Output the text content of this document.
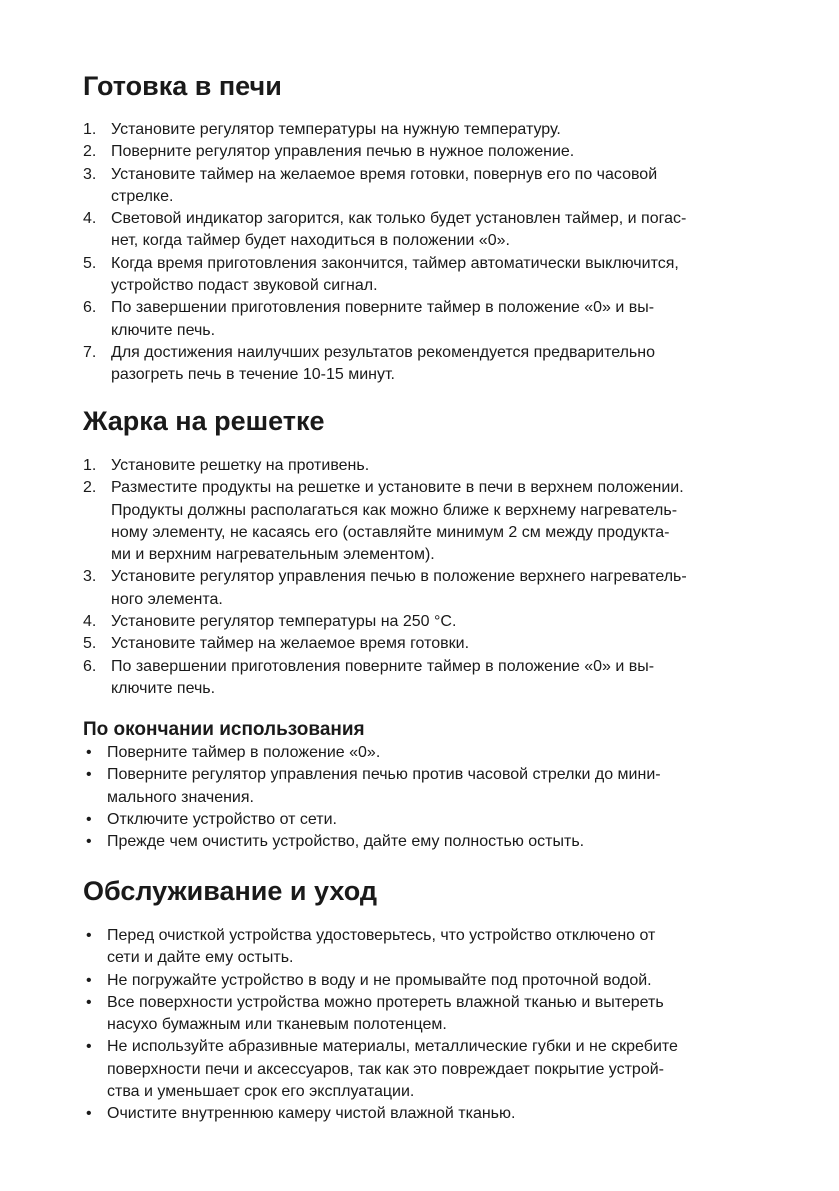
Готовка в печи
1. Установите регулятор температуры на нужную температуру.
2. Поверните регулятор управления печью в нужное положение.
3. Установите таймер на желаемое время готовки, повернув его по часовой
стрелке.
4. Световой индикатор загорится, как только будет установлен таймер, и погас-
нет, когда таймер будет находиться в положении «0».
5. Когда время приготовления закончится, таймер автоматически выключится,
устройство подаст звуковой сигнал.
6. По завершении приготовления поверните таймер в положение «0» и вы-
ключите печь.
7. Для достижения наилучших результатов рекомендуется предварительно
разогреть печь в течение 10-15 минут.
Жарка на решетке
1. Установите решетку на противень.
2. Разместите продукты на решетке и установите в печи в верхнем положении.
Продукты должны располагаться как можно ближе к верхнему нагреватель-
ному элементу, не касаясь его (оставляйте минимум 2 см между продукта-
ми и верхним нагревательным элементом).
3. Установите регулятор управления печью в положение верхнего нагреватель-
ного элемента.
4. Установите регулятор температуры на 250 °С.
5. Установите таймер на желаемое время готовки.
6. По завершении приготовления поверните таймер в положение «0» и вы-
ключите печь.
По окончании использования
• Поверните таймер в положение «0».
• Поверните регулятор управления печью против часовой стрелки до мини-
мального значения.
• Отключите устройство от сети.
• Прежде чем очистить устройство, дайте ему полностью остыть.
Обслуживание и уход
• Перед очисткой устройства удостоверьтесь, что устройство отключено от
сети и дайте ему остыть.
• Не погружайте устройство в воду и не промывайте под проточной водой.
• Все поверхности устройства можно протереть влажной тканью и вытереть
насухо бумажным или тканевым полотенцем.
• Не используйте абразивные материалы, металлические губки и не скребите
поверхности печи и аксессуаров, так как это повреждает покрытие устрой-
ства и уменьшает срок его эксплуатации.
• Очистите внутреннюю камеру чистой влажной тканью.
